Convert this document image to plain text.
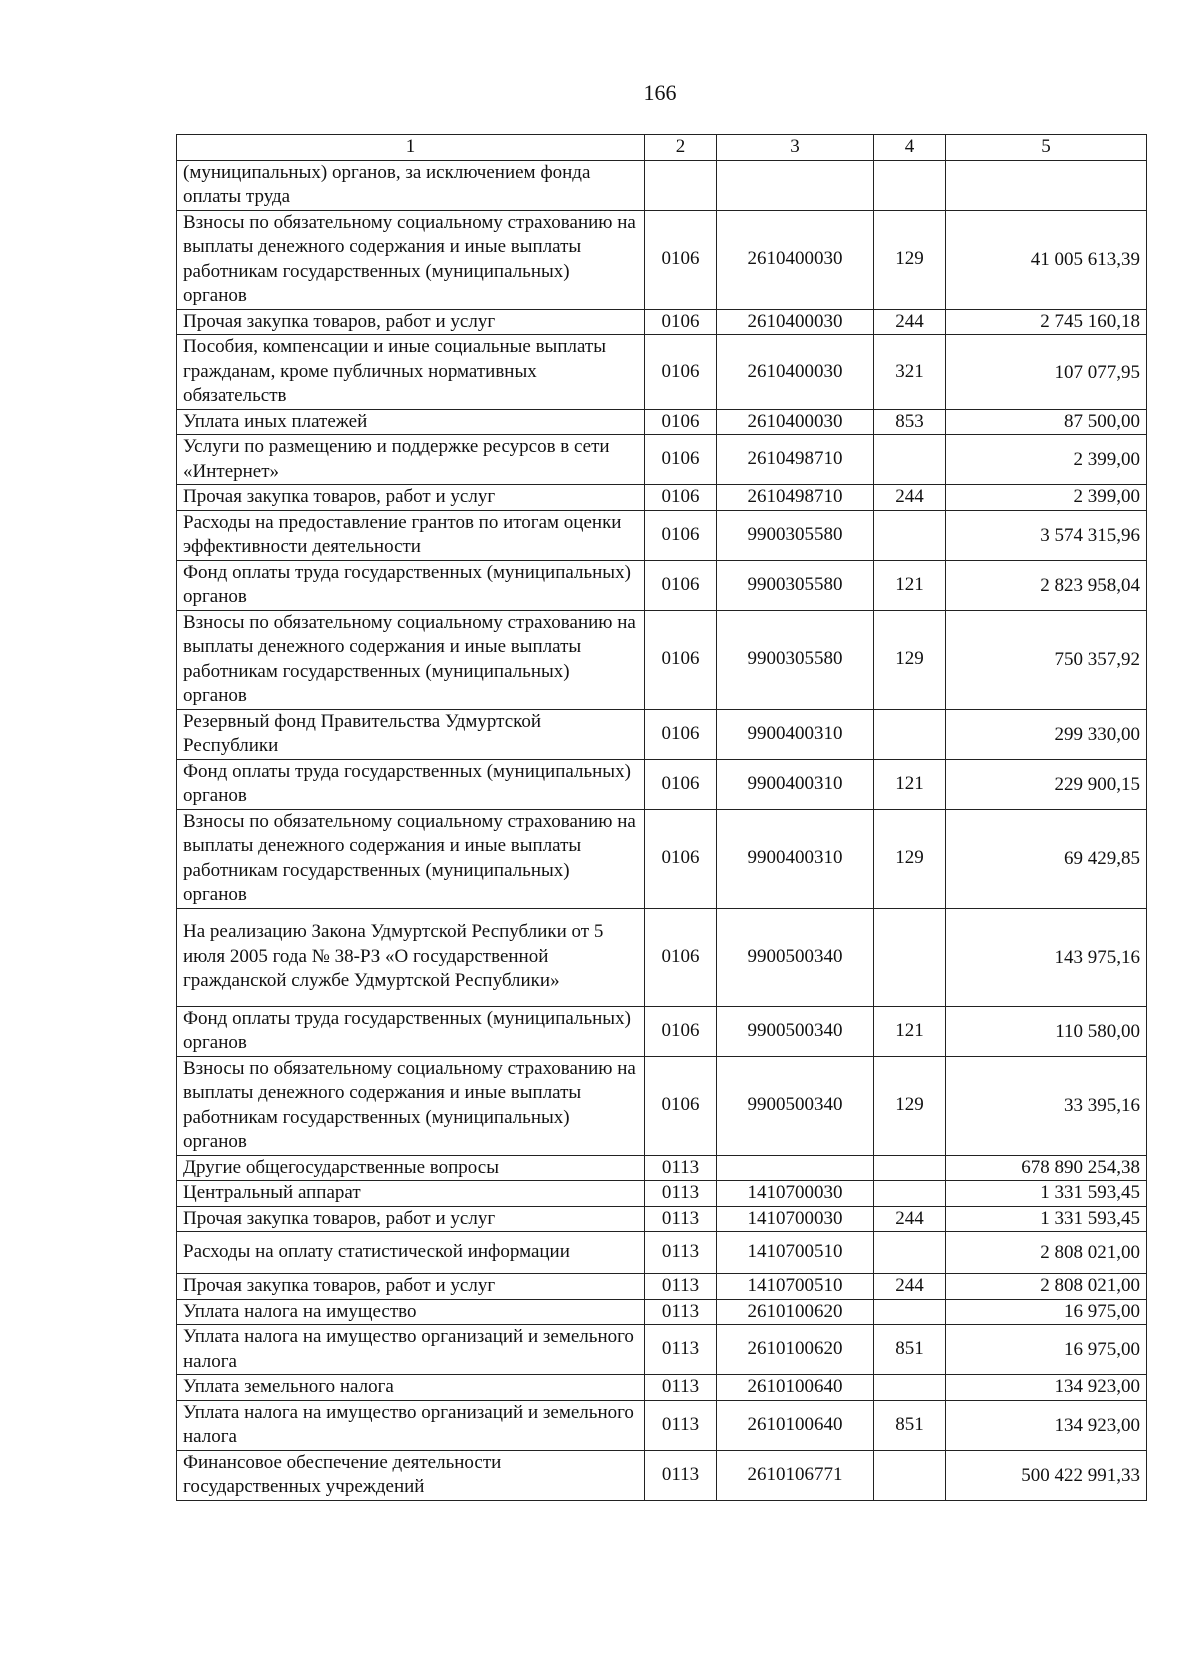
166
1	2	3	4	5
(муниципальных) органов, за исключением фонда оплаты труда				
Взносы по обязательному социальному страхованию на выплаты денежного содержания и иные выплаты работникам государственных (муниципальных) органов	0106	2610400030	129	41 005 613,39
Прочая закупка товаров, работ и услуг	0106	2610400030	244	2 745 160,18
Пособия, компенсации и иные социальные выплаты гражданам, кроме публичных нормативных обязательств	0106	2610400030	321	107 077,95
Уплата иных платежей	0106	2610400030	853	87 500,00
Услуги по размещению и поддержке ресурсов в сети «Интернет»	0106	2610498710		2 399,00
Прочая закупка товаров, работ и услуг	0106	2610498710	244	2 399,00
Расходы на предоставление грантов по итогам оценки эффективности деятельности	0106	9900305580		3 574 315,96
Фонд оплаты труда государственных (муниципальных) органов	0106	9900305580	121	2 823 958,04
Взносы по обязательному социальному страхованию на выплаты денежного содержания и иные выплаты работникам государственных (муниципальных) органов	0106	9900305580	129	750 357,92
Резервный фонд Правительства Удмуртской Республики	0106	9900400310		299 330,00
Фонд оплаты труда государственных (муниципальных) органов	0106	9900400310	121	229 900,15
Взносы по обязательному социальному страхованию на выплаты денежного содержания и иные выплаты работникам государственных (муниципальных) органов	0106	9900400310	129	69 429,85
На реализацию Закона Удмуртской Республики от 5 июля 2005 года № 38-РЗ «О государственной гражданской службе Удмуртской Республики»	0106	9900500340		143 975,16
Фонд оплаты труда государственных (муниципальных) органов	0106	9900500340	121	110 580,00
Взносы по обязательному социальному страхованию на выплаты денежного содержания и иные выплаты работникам государственных (муниципальных) органов	0106	9900500340	129	33 395,16
Другие общегосударственные вопросы	0113			678 890 254,38
Центральный аппарат	0113	1410700030		1 331 593,45
Прочая закупка товаров, работ и услуг	0113	1410700030	244	1 331 593,45
Расходы на оплату статистической информации	0113	1410700510		2 808 021,00
Прочая закупка товаров, работ и услуг	0113	1410700510	244	2 808 021,00
Уплата налога на имущество	0113	2610100620		16 975,00
Уплата налога на имущество организаций и земельного налога	0113	2610100620	851	16 975,00
Уплата земельного налога	0113	2610100640		134 923,00
Уплата налога на имущество организаций и земельного налога	0113	2610100640	851	134 923,00
Финансовое обеспечение деятельности государственных учреждений	0113	2610106771		500 422 991,33
